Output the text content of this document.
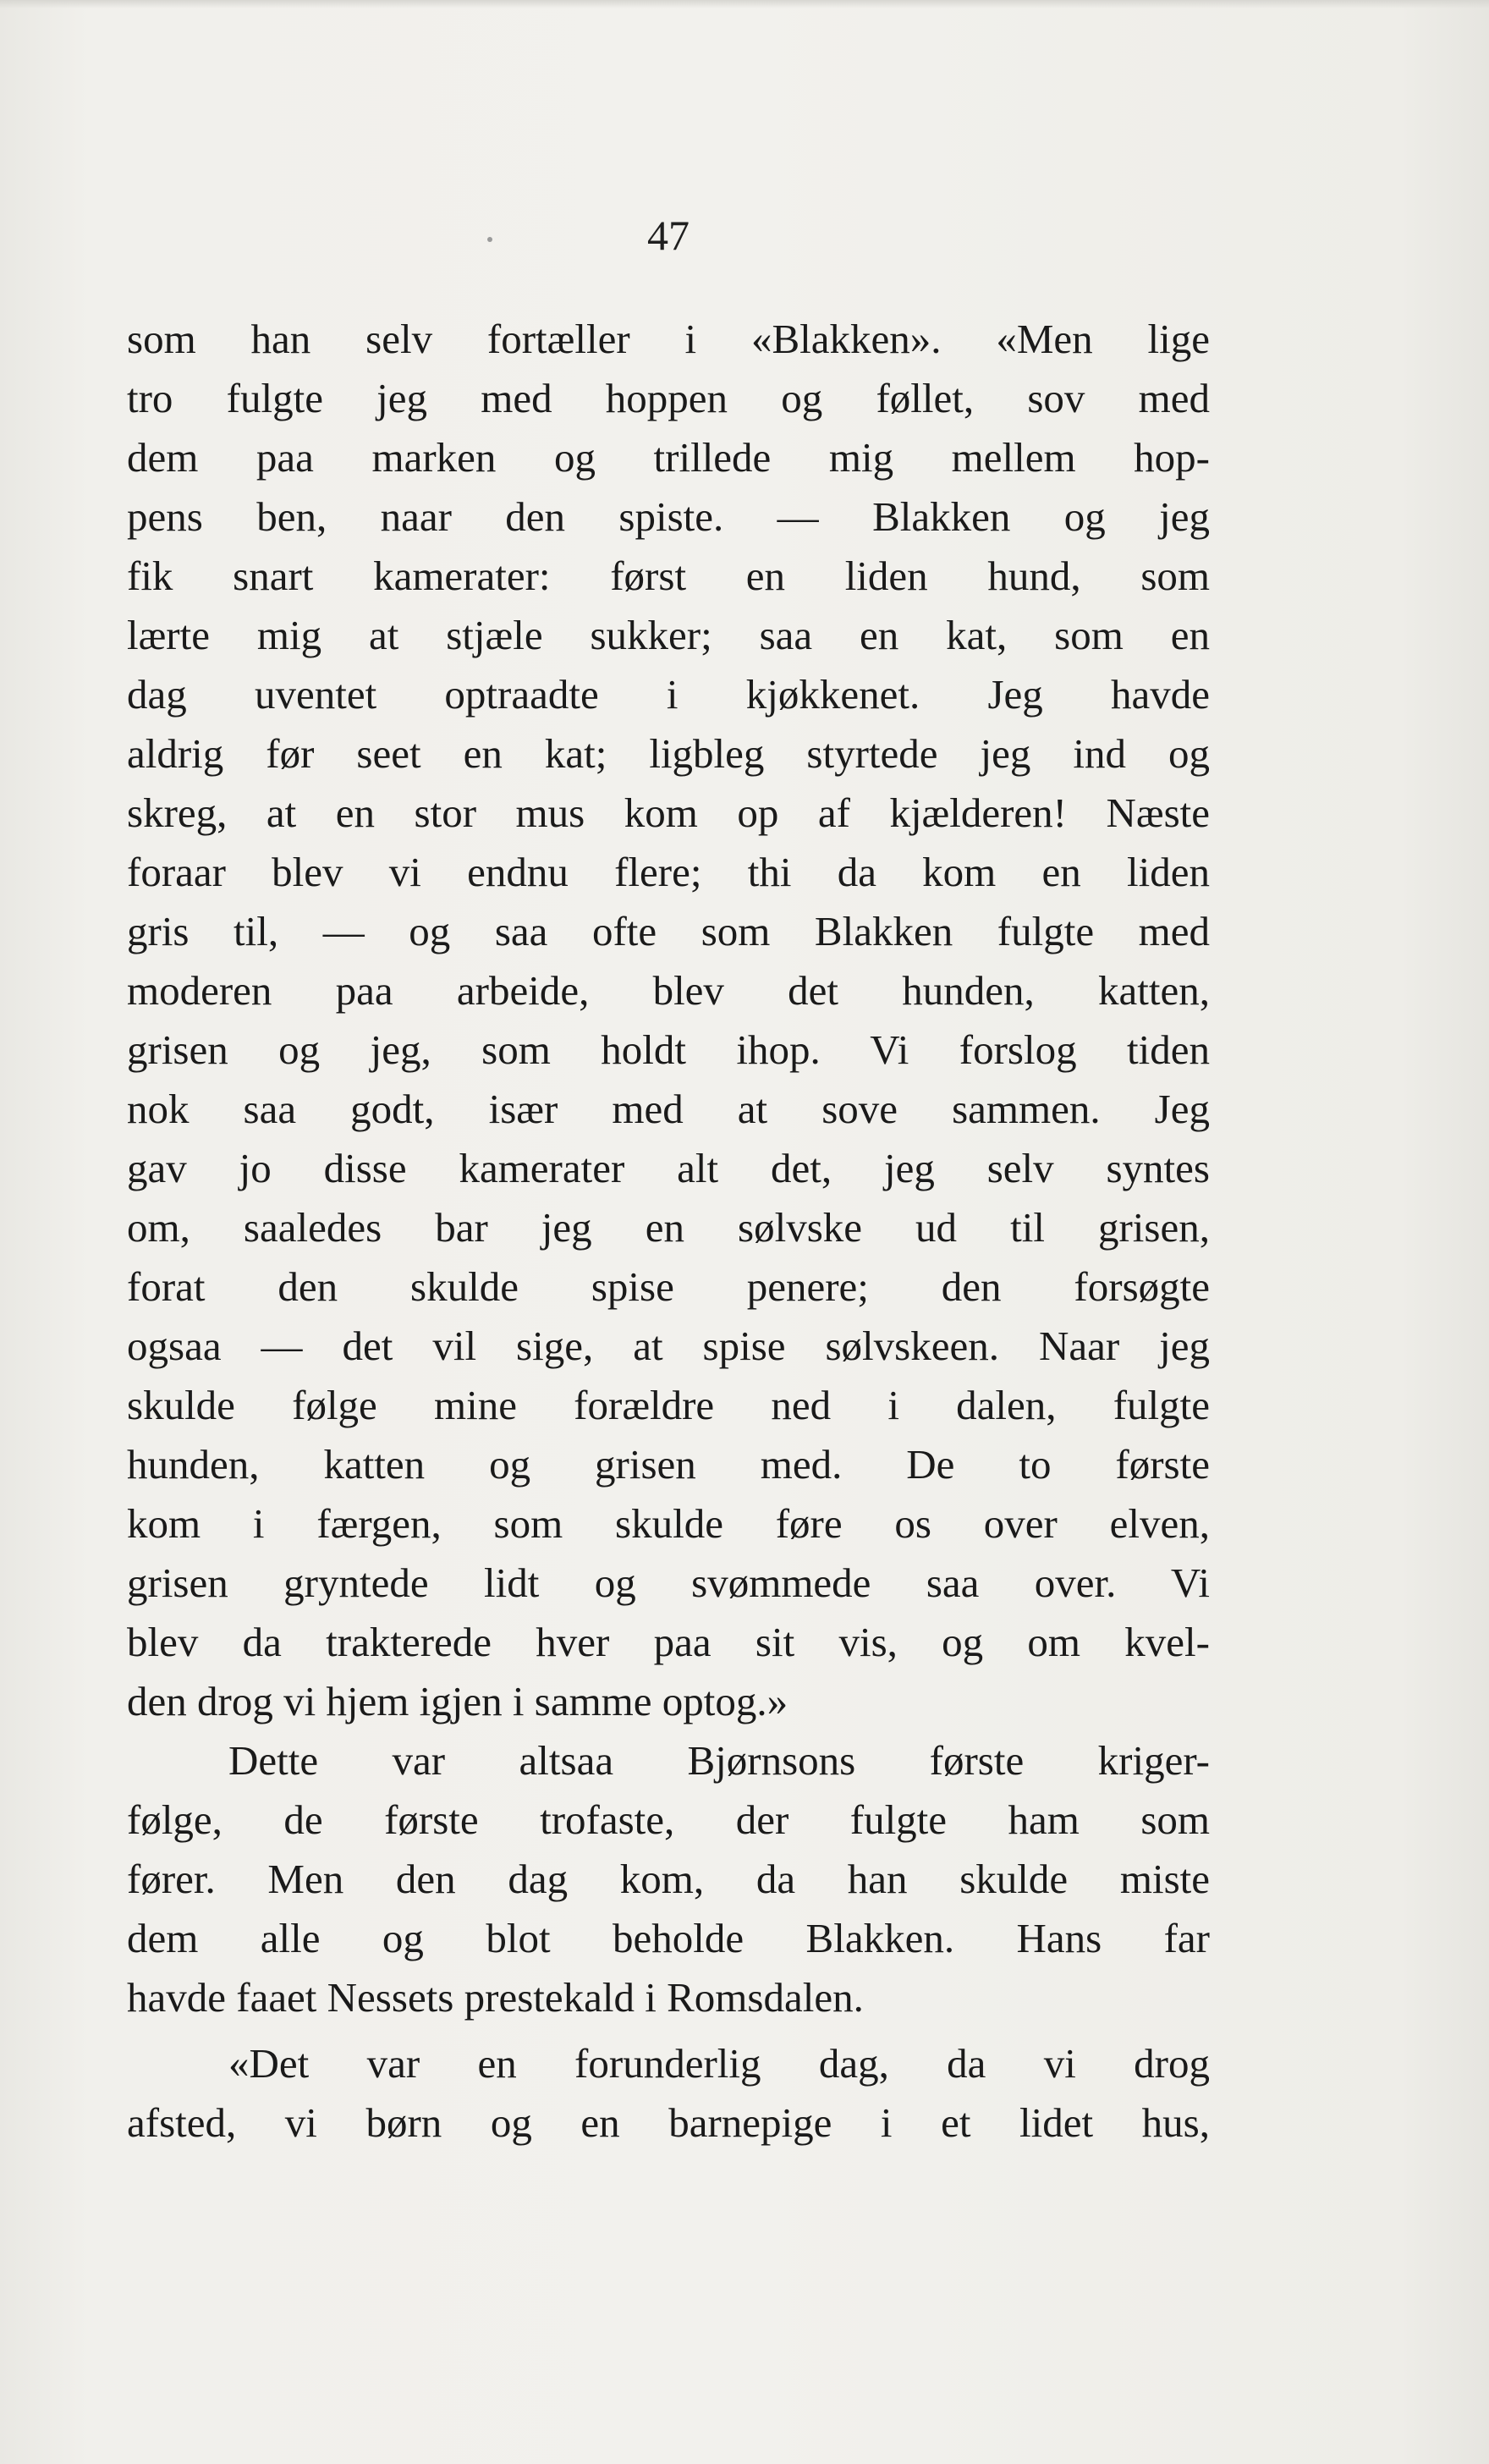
47
som han selv fortæller i «Blakken». «Men lige
tro fulgte jeg med hoppen og føllet, sov med
dem paa marken og trillede mig mellem hop-
pens ben, naar den spiste. — Blakken og jeg
fik snart kamerater: først en liden hund, som
lærte mig at stjæle sukker; saa en kat, som en
dag uventet optraadte i kjøkkenet. Jeg havde
aldrig før seet en kat; ligbleg styrtede jeg ind og
skreg, at en stor mus kom op af kjælderen! Næste
foraar blev vi endnu flere; thi da kom en liden
gris til, — og saa ofte som Blakken fulgte med
moderen paa arbeide, blev det hunden, katten,
grisen og jeg, som holdt ihop. Vi forslog tiden
nok saa godt, især med at sove sammen. Jeg
gav jo disse kamerater alt det, jeg selv syntes
om, saaledes bar jeg en sølvske ud til grisen,
forat den skulde spise penere; den forsøgte
ogsaa — det vil sige, at spise sølvskeen. Naar jeg
skulde følge mine forældre ned i dalen, fulgte
hunden, katten og grisen med. De to første
kom i færgen, som skulde føre os over elven,
grisen gryntede lidt og svømmede saa over. Vi
blev da trakterede hver paa sit vis, og om kvel-
den drog vi hjem igjen i samme optog.»
Dette var altsaa Bjørnsons første kriger-
følge, de første trofaste, der fulgte ham som
fører. Men den dag kom, da han skulde miste
dem alle og blot beholde Blakken. Hans far
havde faaet Nessets prestekald i Romsdalen.
«Det var en forunderlig dag, da vi drog
afsted, vi børn og en barnepige i et lidet hus,
